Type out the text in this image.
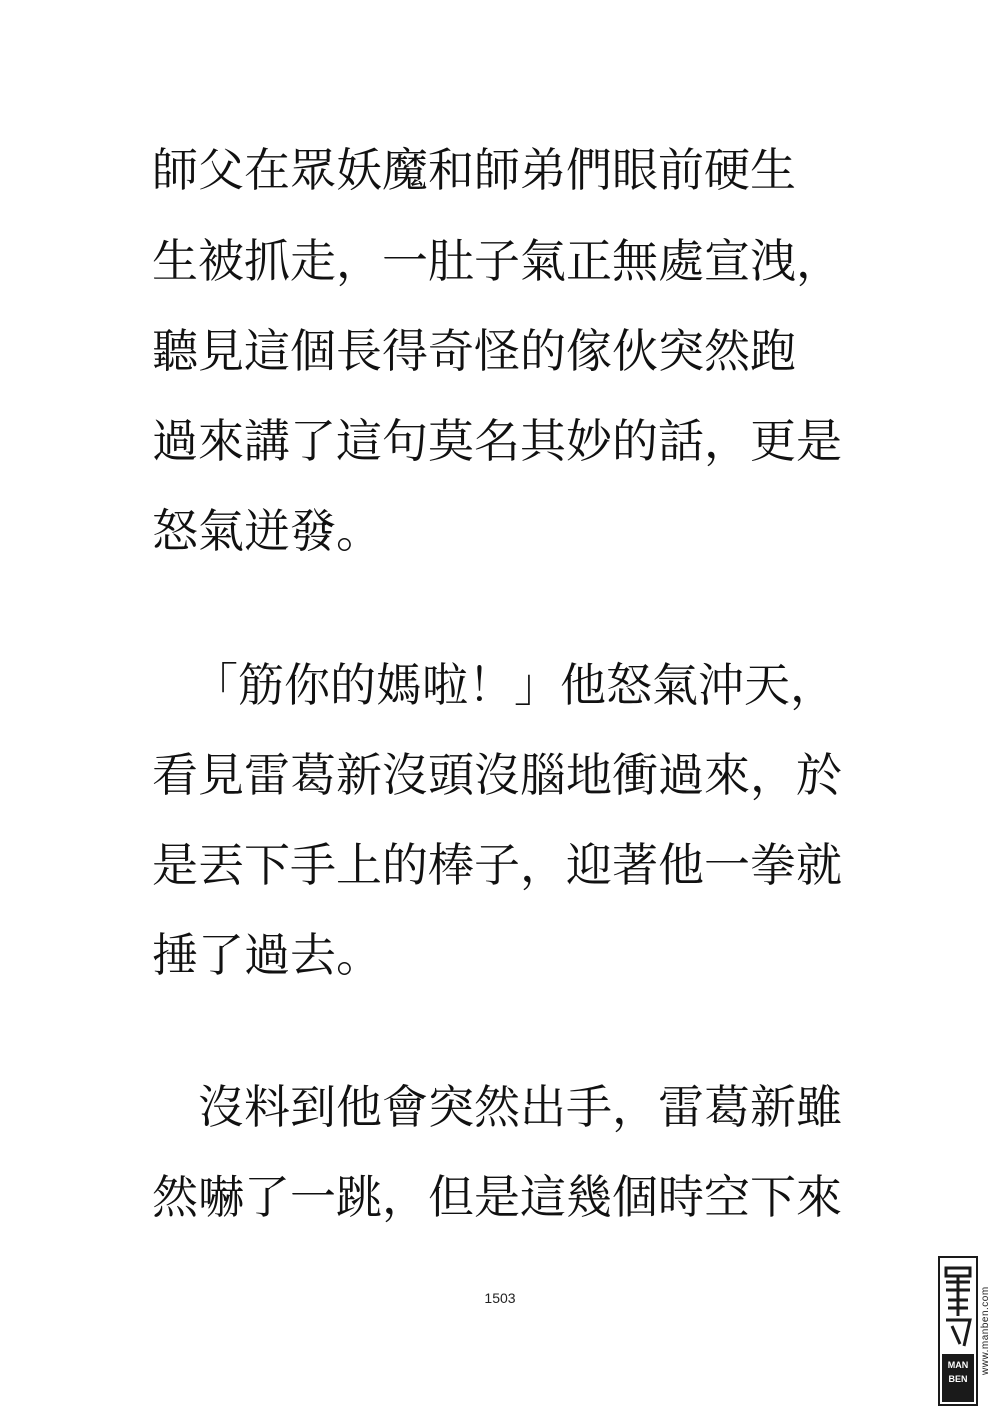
師父在眾妖魔和師弟們眼前硬生
生被抓走，一肚子氣正無處宣洩，
聽見這個長得奇怪的傢伙突然跑
過來講了這句莫名其妙的話，更是
怒氣迸發。
「筋你的媽啦！」他怒氣沖天，
看見雷葛新沒頭沒腦地衝過來，於
是丟下手上的棒子，迎著他一拳就
捶了過去。
沒料到他會突然出手，雷葛新雖
然嚇了一跳，但是這幾個時空下來
1503
MAN
BEN
www.manben.com
